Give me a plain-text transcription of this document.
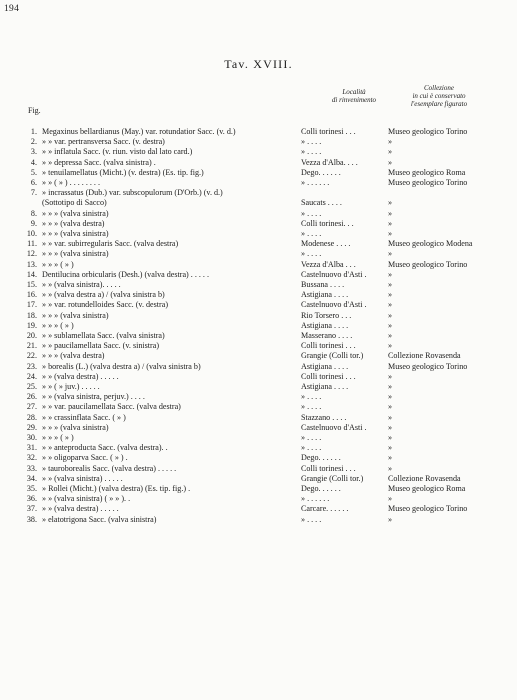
194
Tav. XVIII.
Fig.
Località
di rinvenimento
Collezione
in cui è conservato
l'esemplare figurato
1. Megaxinus bellardianus (May.) var. rotundatior Sacc. (v. d.)	Colli torinesi . . .	Museo geologico Torino
2. » » var. pertransversa Sacc. (v. destra)	» . . . .	»
3. » » inflatula Sacc. (v. riun. visto dal lato card.)	» . . . .	»
4. » » depressa Sacc. (valva sinistra) .	Vezza d'Alba. . . .	»
5. » tenuilamellatus (Micht.) (v. destra) (Es. tip. fig.)	Dego. . . . . .	Museo geologico Roma
6. » » ( » ) . . . . . . . .	» . . . . . .	Museo geologico Torino
7. » incrassatus (Dub.) var. subscopulorum (D'Orb.) (v. d.)
(Sottotipo di Sacco)	Saucats . . . .	»
8. » » » (valva sinistra)	» . . . .	»
9. » » » (valva destra)	Colli torinesi. . .	»
10. » » » (valva sinistra)	» . . . .	»
11. » » var. subirregularis Sacc. (valva destra)	Modenese . . . .	Museo geologico Modena
12. » » » (valva sinistra)	» . . . .	»
13. » » » ( » )	Vezza d'Alba . . .	Museo geologico Torino
14. Dentilucina orbicularis (Desh.) (valva destra) . . . . .	Castelnuovo d'Asti .	»
15. » » (valva sinistra). . . . .	Bussana . . . .	»
16. » » (valva destra a) / (valva sinistra b)	Astigiana . . . .	»
17. » » var. rotundelloides Sacc. (v. destra)	Castelnuovo d'Asti .	»
18. » » » (valva sinistra)	Rio Torsero . . .	»
19. » » » ( » )	Astigiana . . . .	»
20. » » sublamellata Sacc. (valva sinistra)	Masserano . . . .	»
21. » » paucilamellata Sacc. (v. sinistra)	Colli torinesi . . .	»
22. » » » (valva destra)	Grangie (Colli tor.)	Collezione Rovasenda
23. » borealis (L.) (valva destra a) / (valva sinistra b)	Astigiana . . . .	Museo geologico Torino
24. » » (valva destra) . . . . .	Colli torinesi . . .	»
25. » » ( » juv.) . . . . .	Astigiana . . . .	»
26. » » (valva sinistra, perjuv.) . . . .	» . . . .	»
27. » » var. paucilamellata Sacc. (valva destra)	» . . . .	»
28. » » crassinflata Sacc. ( » )	Stazzano . . . .	»
29. » » » (valva sinistra)	Castelnuovo d'Asti .	»
30. » » » ( » )	» . . . .	»
31. » » anteproducta Sacc. (valva destra). .	» . . . .	»
32. » » oligoparva Sacc. ( » ) .	Dego. . . . . .	»
33. » tauroborealis Sacc. (valva destra) . . . . .	Colli torinesi . . .	»
34. » » (valva sinistra) . . . . .	Grangie (Colli tor.)	Collezione Rovasenda
35. » Rollei (Micht.) (valva destra) (Es. tip. fig.) .	Dego. . . . . .	Museo geologico Roma
36. » » (valva sinistra) ( » » ). .	» . . . . . .	»
37. » » (valva destra) . . . . .	Carcare. . . . . .	Museo geologico Torino
38. » elatotrigona Sacc. (valva sinistra)	» . . . .	»
